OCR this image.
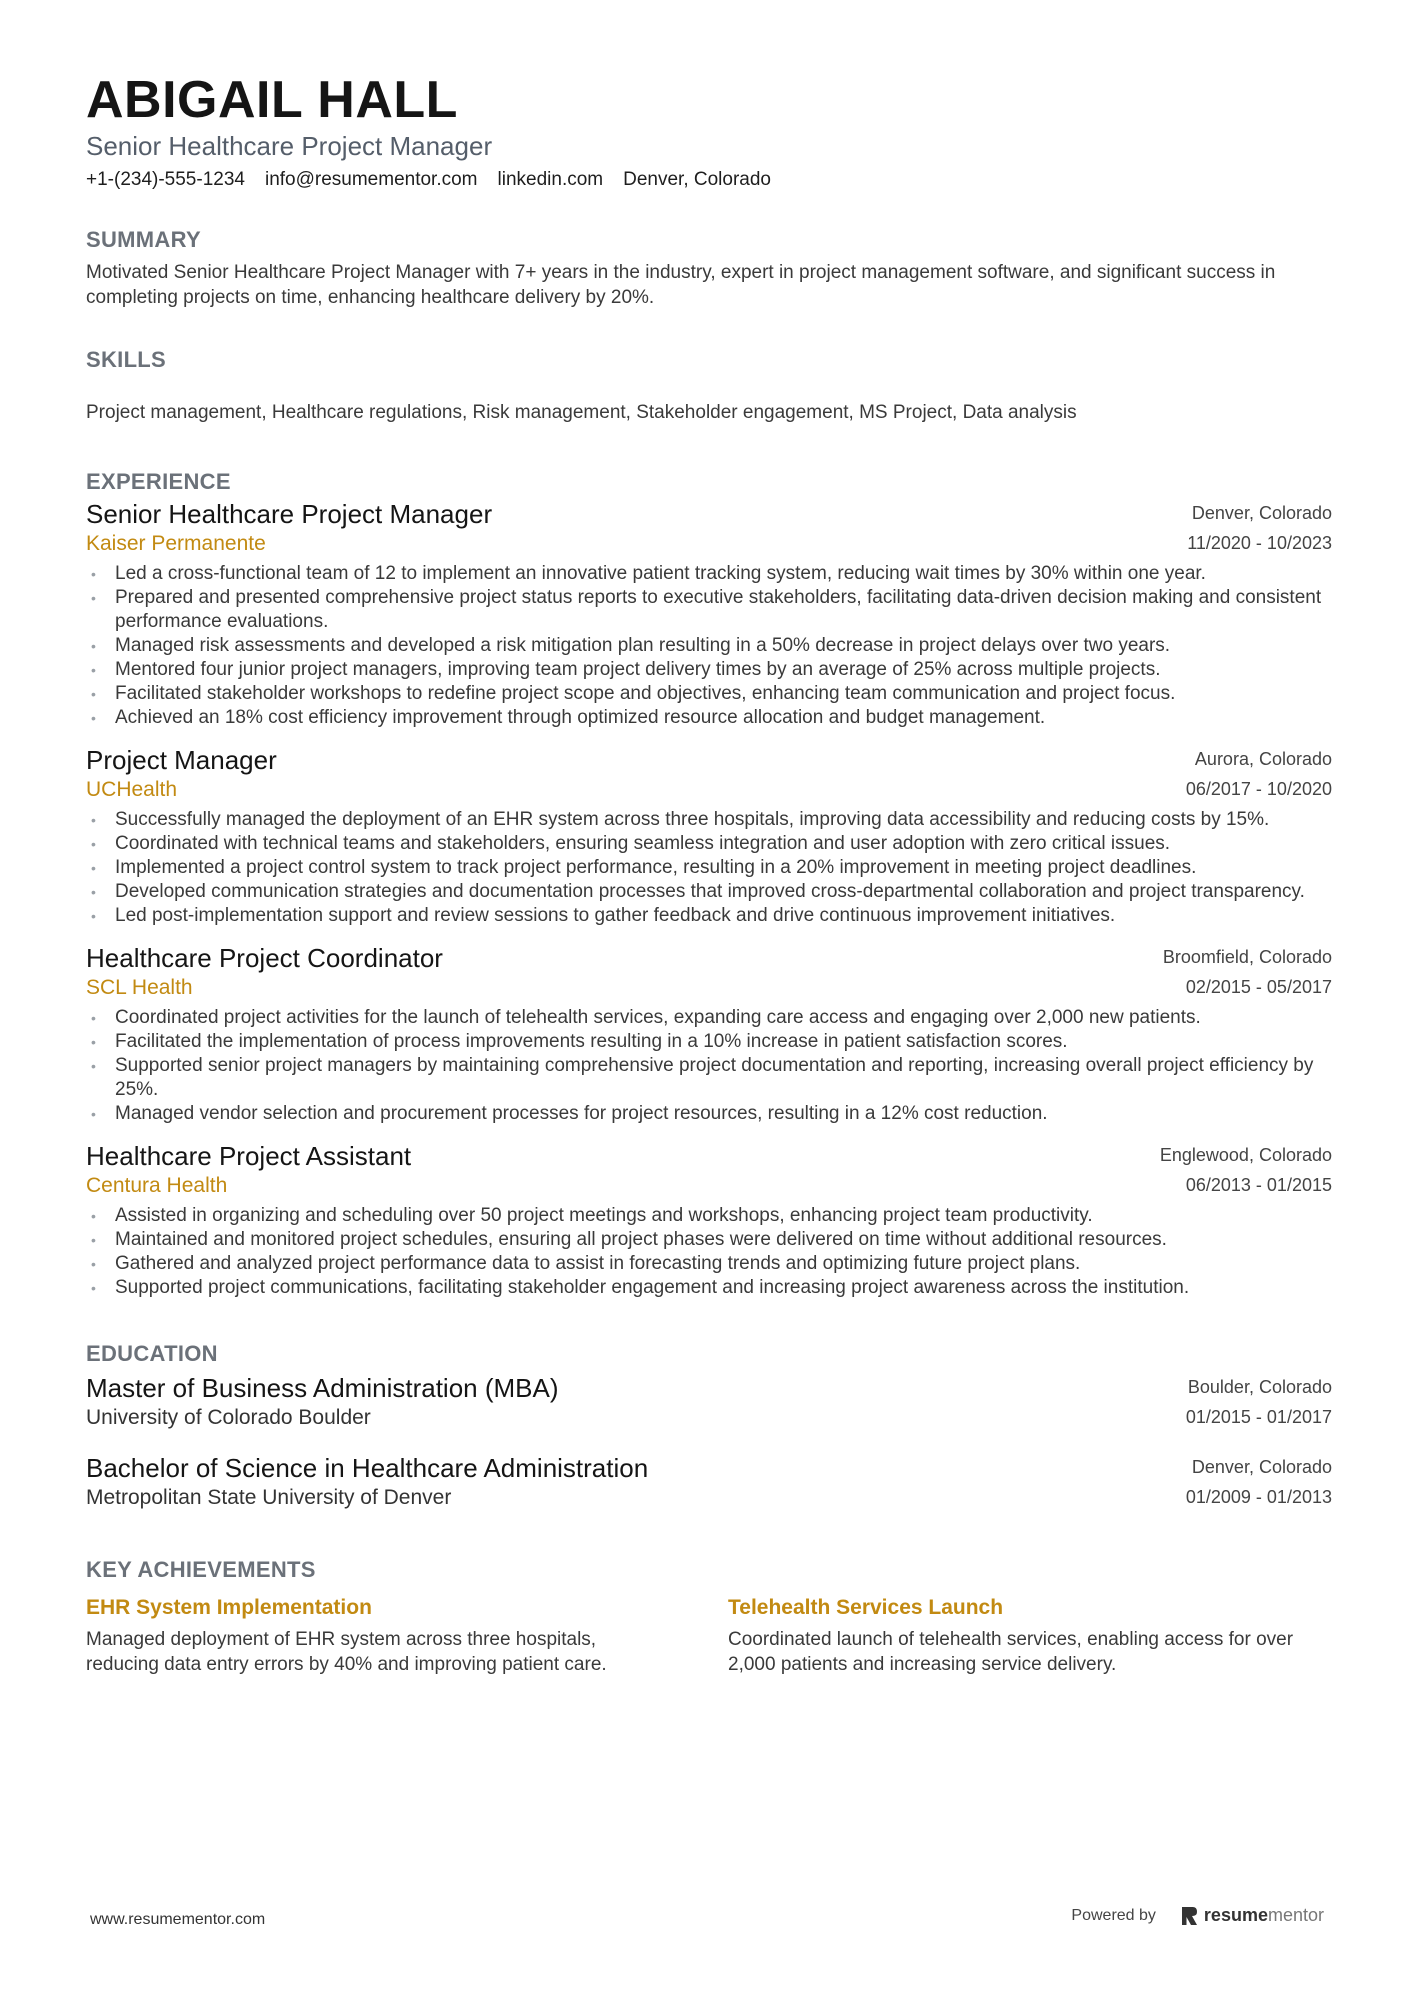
ABIGAIL HALL
Senior Healthcare Project Manager
+1-(234)-555-1234 info@resumementor.com linkedin.com Denver, Colorado
SUMMARY
Motivated Senior Healthcare Project Manager with 7+ years in the industry, expert in project management software, and significant success in completing projects on time, enhancing healthcare delivery by 20%.
SKILLS
Project management, Healthcare regulations, Risk management, Stakeholder engagement, MS Project, Data analysis
EXPERIENCE
Senior Healthcare Project Manager
Kaiser Permanente
Denver, Colorado
11/2020 - 10/2023
• Led a cross-functional team of 12 to implement an innovative patient tracking system, reducing wait times by 30% within one year.
• Prepared and presented comprehensive project status reports to executive stakeholders, facilitating data-driven decision making and consistent performance evaluations.
• Managed risk assessments and developed a risk mitigation plan resulting in a 50% decrease in project delays over two years.
• Mentored four junior project managers, improving team project delivery times by an average of 25% across multiple projects.
• Facilitated stakeholder workshops to redefine project scope and objectives, enhancing team communication and project focus.
• Achieved an 18% cost efficiency improvement through optimized resource allocation and budget management.
Project Manager
UCHealth
Aurora, Colorado
06/2017 - 10/2020
• Successfully managed the deployment of an EHR system across three hospitals, improving data accessibility and reducing costs by 15%.
• Coordinated with technical teams and stakeholders, ensuring seamless integration and user adoption with zero critical issues.
• Implemented a project control system to track project performance, resulting in a 20% improvement in meeting project deadlines.
• Developed communication strategies and documentation processes that improved cross-departmental collaboration and project transparency.
• Led post-implementation support and review sessions to gather feedback and drive continuous improvement initiatives.
Healthcare Project Coordinator
SCL Health
Broomfield, Colorado
02/2015 - 05/2017
• Coordinated project activities for the launch of telehealth services, expanding care access and engaging over 2,000 new patients.
• Facilitated the implementation of process improvements resulting in a 10% increase in patient satisfaction scores.
• Supported senior project managers by maintaining comprehensive project documentation and reporting, increasing overall project efficiency by 25%.
• Managed vendor selection and procurement processes for project resources, resulting in a 12% cost reduction.
Healthcare Project Assistant
Centura Health
Englewood, Colorado
06/2013 - 01/2015
• Assisted in organizing and scheduling over 50 project meetings and workshops, enhancing project team productivity.
• Maintained and monitored project schedules, ensuring all project phases were delivered on time without additional resources.
• Gathered and analyzed project performance data to assist in forecasting trends and optimizing future project plans.
• Supported project communications, facilitating stakeholder engagement and increasing project awareness across the institution.
EDUCATION
Master of Business Administration (MBA)
University of Colorado Boulder
Boulder, Colorado
01/2015 - 01/2017
Bachelor of Science in Healthcare Administration
Metropolitan State University of Denver
Denver, Colorado
01/2009 - 01/2013
KEY ACHIEVEMENTS
EHR System Implementation
Managed deployment of EHR system across three hospitals, reducing data entry errors by 40% and improving patient care.
Telehealth Services Launch
Coordinated launch of telehealth services, enabling access for over 2,000 patients and increasing service delivery.
www.resumementor.com	Powered by	resumementor
